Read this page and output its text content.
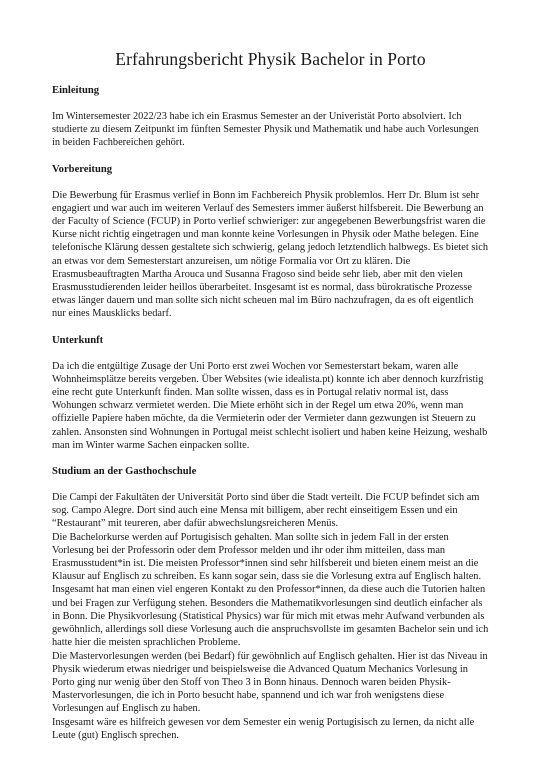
Erfahrungsbericht Physik Bachelor in Porto
Einleitung

Im Wintersemester 2022/23 habe ich ein Erasmus Semester an der Univeristät Porto absolviert. Ich studierte zu diesem Zeitpunkt im fünften Semester Physik und Mathematik und habe auch Vorlesungen in beiden Fachbereichen gehört.

Vorbereitung

Die Bewerbung für Erasmus verlief in Bonn im Fachbereich Physik problemlos. Herr Dr. Blum ist sehr engagiert und war auch im weiteren Verlauf des Semesters immer äußerst hilfsbereit. Die Bewerbung an der Faculty of Science (FCUP) in Porto verlief schwieriger: zur angegebenen Bewerbungsfrist waren die Kurse nicht richtig eingetragen und man konnte keine Vorlesungen in Physik oder Mathe belegen. Eine telefonische Klärung dessen gestaltete sich schwierig, gelang jedoch letztendlich halbwegs. Es bietet sich an etwas vor dem Semesterstart anzureisen, um nötige Formalia vor Ort zu klären. Die Erasmusbeauftragten Martha Arouca und Susanna Fragoso sind beide sehr lieb, aber mit den vielen Erasmusstudierenden leider heillos überarbeitet. Insgesamt ist es normal, dass bürokratische Prozesse etwas länger dauern und man sollte sich nicht scheuen mal im Büro nachzufragen, da es oft eigentlich nur eines Mausklicks bedarf.

Unterkunft

Da ich die entgültige Zusage der Uni Porto erst zwei Wochen vor Semesterstart bekam, waren alle Wohnheimsplätze bereits vergeben. Über Websites (wie idealista.pt) konnte ich aber dennoch kurzfristig eine recht gute Unterkunft finden. Man sollte wissen, dass es in Portugal relativ normal ist, dass Wohungen schwarz vermietet werden. Die Miete erhöht sich in der Regel um etwa 20%, wenn man offizielle Papiere haben möchte, da die Vermieterin oder der Vermieter dann gezwungen ist Steuern zu zahlen. Ansonsten sind Wohnungen in Portugal meist schlecht isoliert und haben keine Heizung, weshalb man im Winter warme Sachen einpacken sollte.

Studium an der Gasthochschule

Die Campi der Fakultäten der Universität Porto sind über die Stadt verteilt. Die FCUP befindet sich am sog. Campo Alegre. Dort sind auch eine Mensa mit billigem, aber recht einseitigem Essen und ein “Restaurant” mit teureren, aber dafür abwechslungsreicheren Menüs.

Die Bachelorkurse werden auf Portugisisch gehalten. Man sollte sich in jedem Fall in der ersten Vorlesung bei der Professorin oder dem Professor melden und ihr oder ihm mitteilen, dass man Erasmusstudent*in ist. Die meisten Professor*innen sind sehr hilfsbereit und bieten einem meist an die Klausur auf Englisch zu schreiben. Es kann sogar sein, dass sie die Vorlesung extra auf Englisch halten. Insgesamt hat man einen viel engeren Kontakt zu den Professor*innen, da diese auch die Tutorien halten und bei Fragen zur Verfügung stehen. Besonders die Mathematikvorlesungen sind deutlich einfacher als in Bonn. Die Physikvorlesung (Statistical Physics) war für mich mit etwas mehr Aufwand verbunden als gewöhnlich, allerdings soll diese Vorlesung auch die anspruchsvollste im gesamten Bachelor sein und ich hatte hier die meisten sprachlichen Probleme.

Die Mastervorlesungen werden (bei Bedarf) für gewöhnlich auf Englisch gehalten. Hier ist das Niveau in Physik wiederum etwas niedriger und beispielsweise die Advanced Quatum Mechanics Vorlesung in Porto ging nur wenig über den Stoff von Theo 3 in Bonn hinaus. Dennoch waren beiden Physik- Mastervorlesungen, die ich in Porto besucht habe, spannend und ich war froh wenigstens diese Vorlesungen auf Englisch zu haben.

Insgesamt wäre es hilfreich gewesen vor dem Semester ein wenig Portugisisch zu lernen, da nicht alle Leute (gut) Englisch sprechen.
